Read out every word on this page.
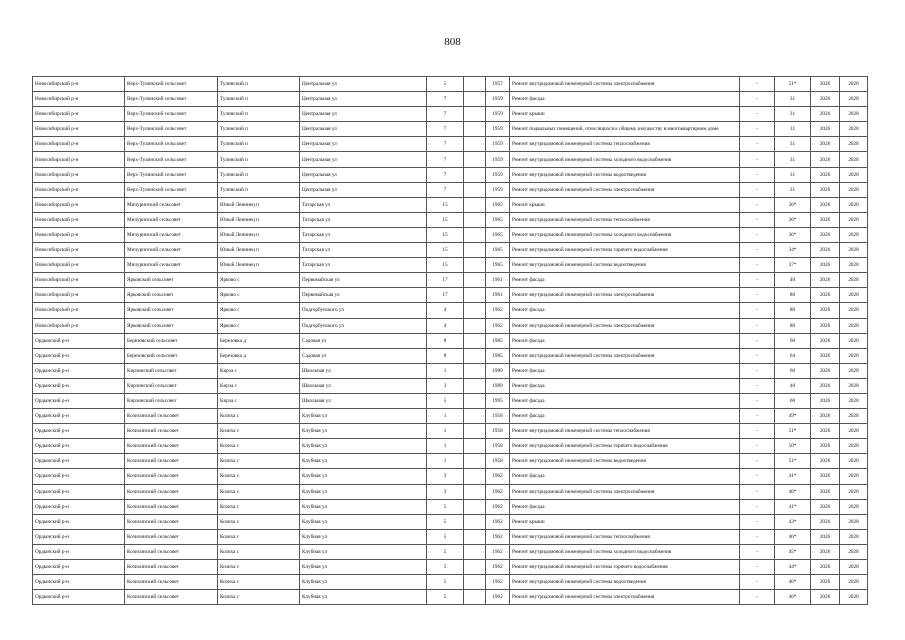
808
Новосибирский р-н	Верх-Тулинский сельсовет	Тулинский п	Центральная ул	5		1957	Ремонт внутридомовой инженерной системы электроснабжения	-	51*	2026	2028
Новосибирский р-н	Верх-Тулинский сельсовет	Тулинский п	Центральная ул	7		1959	Ремонт фасада	-	31	2026	2028
Новосибирский р-н	Верх-Тулинский сельсовет	Тулинский п	Центральная ул	7		1959	Ремонт крыши	-	31	2026	2028
Новосибирский р-н	Верх-Тулинский сельсовет	Тулинский п	Центральная ул	7		1959	Ремонт подвальных помещений, относящихся к общему имуществу в многоквартирном доме	-	31	2026	2028
Новосибирский р-н	Верх-Тулинский сельсовет	Тулинский п	Центральная ул	7		1959	Ремонт внутридомовой инженерной системы теплоснабжения	-	31	2026	2028
Новосибирский р-н	Верх-Тулинский сельсовет	Тулинский п	Центральная ул	7		1959	Ремонт внутридомовой инженерной системы холодного водоснабжения	-	31	2026	2028
Новосибирский р-н	Верх-Тулинский сельсовет	Тулинский п	Центральная ул	7		1959	Ремонт внутридомовой инженерной системы водоотведения	-	31	2026	2028
Новосибирский р-н	Верх-Тулинский сельсовет	Тулинский п	Центральная ул	7		1959	Ремонт внутридомовой инженерной системы электроснабжения	-	31	2026	2028
Новосибирский р-н	Мичуринский сельсовет	Юный Ленинец п	Татарская ул	15		1965	Ремонт крыши	-	36*	2026	2028
Новосибирский р-н	Мичуринский сельсовет	Юный Ленинец п	Татарская ул	15		1965	Ремонт внутридомовой инженерной системы теплоснабжения	-	36*	2026	2028
Новосибирский р-н	Мичуринский сельсовет	Юный Ленинец п	Татарская ул	15		1965	Ремонт внутридомовой инженерной системы холодного водоснабжения	-	36*	2026	2028
Новосибирский р-н	Мичуринский сельсовет	Юный Ленинец п	Татарская ул	15		1965	Ремонт внутридомовой инженерной системы горячего водоснабжения	-	34*	2026	2028
Новосибирский р-н	Мичуринский сельсовет	Юный Ленинец п	Татарская ул	15		1965	Ремонт внутридомовой инженерной системы водоотведения	-	37*	2026	2028
Новосибирский р-н	Ярковский сельсовет	Ярково с	Первомайская ул	17		1961	Ремонт фасада	-	40	2026	2028
Новосибирский р-н	Ярковский сельсовет	Ярково с	Первомайская ул	17		1961	Ремонт внутридомовой инженерной системы электроснабжения	-	80	2026	2028
Новосибирский р-н	Ярковский сельсовет	Ярково с	Подгорбунского ул	4		1962	Ремонт фасада	-	80	2026	2028
Новосибирский р-н	Ярковский сельсовет	Ярково с	Подгорбунского ул	4		1962	Ремонт внутридомовой инженерной системы электроснабжения	-	80	2026	2028
Ордынский р-н	Березовский сельсовет	Березовка д	Садовая ул	8		1985	Ремонт фасада	-	60	2026	2028
Ордынский р-н	Березовский сельсовет	Березовка д	Садовая ул	8		1985	Ремонт внутридомовой инженерной системы электроснабжения	-	64	2026	2028
Ордынский р-н	Кирзинский сельсовет	Кирза с	Школьная ул	1		1989	Ремонт фасада	-	60	2026	2028
Ордынский р-н	Кирзинский сельсовет	Кирза с	Школьная ул	3		1989	Ремонт фасада	-	40	2026	2028
Ордынский р-н	Кирзинский сельсовет	Кирза с	Школьная ул	5		1995	Ремонт фасада	-	60	2026	2028
Ордынский р-н	Козихинский сельсовет	Козиха с	Клубная ул	1		1958	Ремонт фасада	-	49*	2026	2028
Ордынский р-н	Козихинский сельсовет	Козиха с	Клубная ул	1		1958	Ремонт внутридомовой инженерной системы теплоснабжения	-	51*	2026	2028
Ордынский р-н	Козихинский сельсовет	Козиха с	Клубная ул	1		1958	Ремонт внутридомовой инженерной системы горячего водоснабжения	-	50*	2026	2028
Ордынский р-н	Козихинский сельсовет	Козиха с	Клубная ул	1		1958	Ремонт внутридомовой инженерной системы водоотведения	-	51*	2026	2028
Ордынский р-н	Козихинский сельсовет	Козиха с	Клубная ул	3		1962	Ремонт фасада	-	41*	2026	2028
Ордынский р-н	Козихинский сельсовет	Козиха с	Клубная ул	3		1962	Ремонт внутридомовой инженерной системы электроснабжения	-	46*	2026	2028
Ордынский р-н	Козихинский сельсовет	Козиха с	Клубная ул	5		1962	Ремонт фасада	-	41*	2026	2028
Ордынский р-н	Козихинский сельсовет	Козиха с	Клубная ул	5		1962	Ремонт крыши	-	43*	2026	2028
Ордынский р-н	Козихинский сельсовет	Козиха с	Клубная ул	5		1962	Ремонт внутридомовой инженерной системы теплоснабжения	-	46*	2026	2028
Ордынский р-н	Козихинский сельсовет	Козиха с	Клубная ул	5		1962	Ремонт внутридомовой инженерной системы холодного водоснабжения	-	45*	2026	2028
Ордынский р-н	Козихинский сельсовет	Козиха с	Клубная ул	5		1962	Ремонт внутридомовой инженерной системы горячего водоснабжения	-	44*	2026	2028
Ордынский р-н	Козихинский сельсовет	Козиха с	Клубная ул	5		1962	Ремонт внутридомовой инженерной системы водоотведения	-	46*	2026	2028
Ордынский р-н	Козихинский сельсовет	Козиха с	Клубная ул	5		1962	Ремонт внутридомовой инженерной системы электроснабжения	-	46*	2026	2028
